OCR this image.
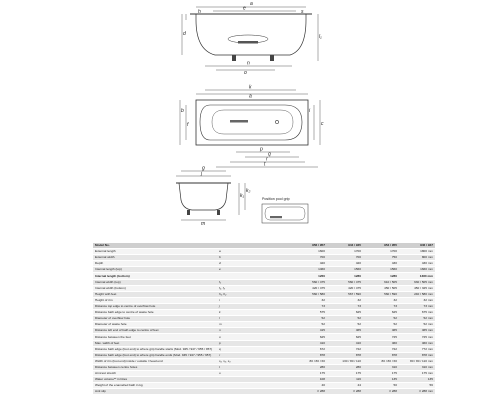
a
e
h	s
d	l₁
n
o
k
a
b
f	c
i
p
q
r
t
g
j
k₁
k₂
m
Position pool grip
Model No.		956 / 957	944 / 945	954 / 955	946 / 947
External length	a	1600	1700	1700	1800 mm
External width	b	700	700	750	800 mm
Depth	d	420	420	430	430 mm
Internal length (top)	e	1460	1560	1560	1660 mm
Internal length (bottom)		1260	1280	1280	1380 mm
Internal width (top)	f₁	560 / 475	560 / 475	610 / 505	630 / 505 mm
Internal width (bottom)	f₂, f₃	420 / 475	420 / 475	450 / 505	450 / 325 mm
Height with feet	h₁, h₂	560 / 580	567 / 590	560 / 590	240 / 580 mm
Height of rim	i	32	32	32	32 mm
Distance top edge to centre of overflow hole	j	73	73	73	73 mm
Distance bath edge to centre of waste hole	k	575	625	625	675 mm
Diameter of overflow hole	l	52	52	52	52 mm
Diameter of waste hole	m	52	52	52	52 mm
Distance left end of bath edge to centre of feet	n	415	465	465	465 mm
Distance between the feet	o	625	625	725	725 mm
Max. width of feet	p	410	410	460	460 mm
Distance bath edge (foot end) to where grip handle starts (Mod. 945 / 947 / 955 / 957)	q	672	722	722	772 mm
Distance bath edge (foot end) to where grip handle ends (Mod. 945 / 947 / 955 / 957)	r	878	878	878	878 mm
Width of rim (foot end) inside / outside / head end	s₁, s₂, s₃	80 / 80 / 60	130 / 80 / 110	80 / 80 / 60	80 / 80 / 110 mm
Distance between centre holes	t	280	280	310	310 mm
Armrest stretch	u	175	175	175	175 mm
Water volume** in litres		108	116	135	135
Weight of the enamelled bath in kg		40	44	50	56
Anti slip		// 288	// 288	// 288	// 288 mm
